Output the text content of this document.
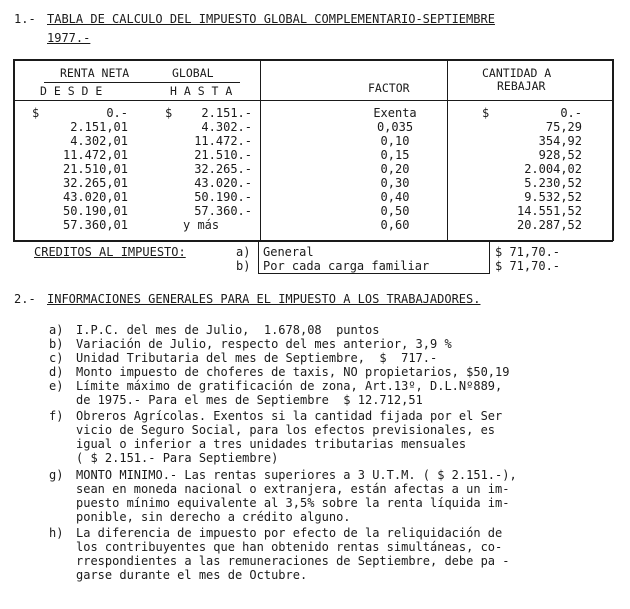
1.- TABLA DE CALCULO DEL IMPUESTO GLOBAL COMPLEMENTARIO-SEPTIEMBRE
1977.-
RENTA NETA	GLOBAL
D E S D E	H A S T A	FACTOR
CANTIDAD A
REBAJAR
$	0.-	$	2.151.-	Exenta	$	0.-
2.151,01	4.302.-	0,035	75,29
4.302,01	11.472.-	0,10	354,92
11.472,01	21.510.-	0,15	928,52
21.510,01	32.265.-	0,20	2.004,02
32.265,01	43.020.-	0,30	5.230,52
43.020,01	50.190.-	0,40	9.532,52
50.190,01	57.360.-	0,50	14.551,52
57.360,01	y más	0,60	20.287,52
CREDITOS AL IMPUESTO:	a) General	$ 71,70.-
b) Por cada carga familiar	$ 71,70.-
2.- INFORMACIONES GENERALES PARA EL IMPUESTO A LOS TRABAJADORES.
a) I.P.C. del mes de Julio,  1.678,08  puntos
b) Variación de Julio, respecto del mes anterior, 3,9 %
c) Unidad Tributaria del mes de Septiembre,  $  717.-
d) Monto impuesto de choferes de taxis, NO propietarios, $50,19
e) Límite máximo de gratificación de zona, Art.13º, D.L.Nº889,
de 1975.- Para el mes de Septiembre  $ 12.712,51
f) Obreros Agrícolas. Exentos si la cantidad fijada por el Ser
vicio de Seguro Social, para los efectos previsionales, es
igual o inferior a tres unidades tributarias mensuales
( $ 2.151.- Para Septiembre)
g) MONTO MINIMO.- Las rentas superiores a 3 U.T.M. ( $ 2.151.-),
sean en moneda nacional o extranjera, están afectas a un im-
puesto mínimo equivalente al 3,5% sobre la renta líquida im-
ponible, sin derecho a crédito alguno.
h) La diferencia de impuesto por efecto de la reliquidación de
los contribuyentes que han obtenido rentas simultáneas, co-
rrespondientes a las remuneraciones de Septiembre, debe pa -
garse durante el mes de Octubre.
